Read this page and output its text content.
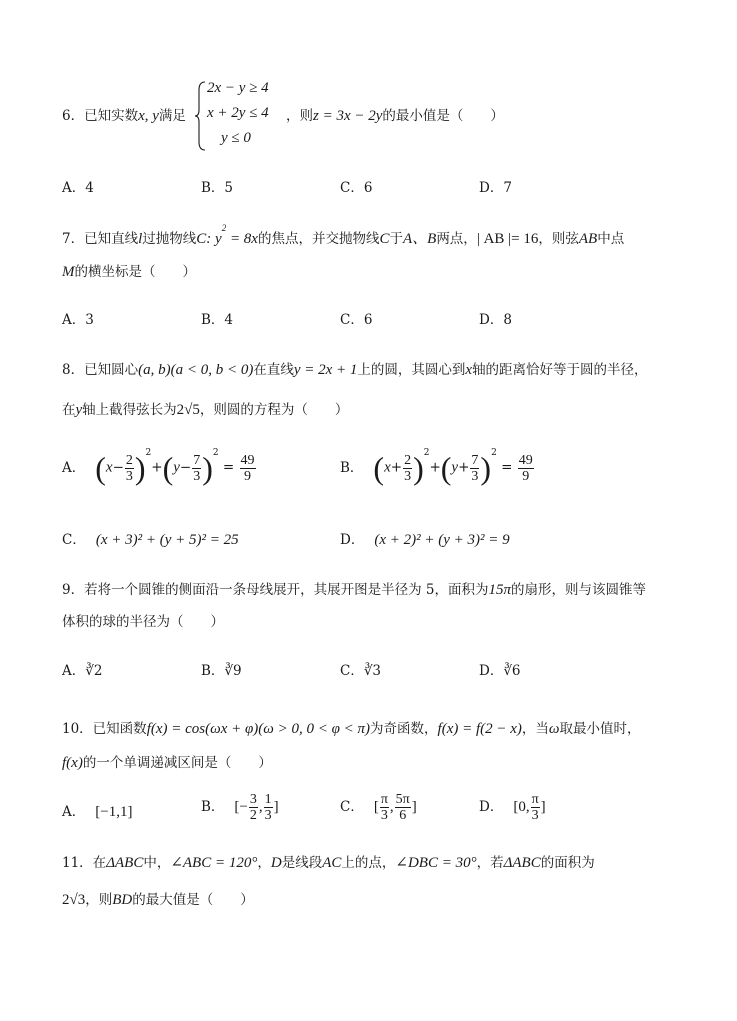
6．已知实数x, y满足
2x − y ≥ 4
x + 2y ≤ 4
y ≤ 0
，则z = 3x − 2y的最小值是（　　）
A．4	B．5	C．6	D．7
7．已知直线l过抛物线C: $y^2 = 8x$的焦点，并交抛物线C于A、B两点，| AB |= 16，则弦AB中点
M的横坐标是（　　）
A．3	B．4	C．6	D．8
8．已知圆心(a, b)(a < 0, b < 0)在直线y = 2x + 1上的圆，其圆心到x轴的距离恰好等于圆的半径，
在y轴上截得弦长为2√5，则圆的方程为（　　）
A． $(x- \frac{2}{3} )^2+(y- \frac{7}{3} )^2 = \frac{49}{9}$	B． $(x+ \frac{2}{3} )^2+(y+ \frac{7}{3} )^2 = \frac{49}{9}$
C． (x + 3)² + (y + 5)² = 25	D． (x + 2)² + (y + 3)² = 9
9．若将一个圆锥的侧面沿一条母线展开，其展开图是半径为 5，面积为15π的扇形，则与该圆锥等
体积的球的半径为（　　）
A．∛2	B．∛9	C．∛3	D．∛6
10．已知函数f(x) = cos(ωx + φ)(ω > 0, 0 < φ < π)为奇函数，f(x) = f(2 − x)，当ω取最小值时，
f(x)的一个单调递减区间是（　　）
A． [−1,1]	B． [− $\frac{3}{2}$ , $\frac{1}{3}$ ]	C． [ $\frac{\pi}{3}$ , $\frac{5\pi}{6}$ ]	D． [0, $\frac{\pi}{3}$ ]
11．在ΔABC中，∠ABC = 120°，D是线段AC上的点，∠DBC = 30°，若ΔABC的面积为
2√3，则BD的最大值是（　　）
